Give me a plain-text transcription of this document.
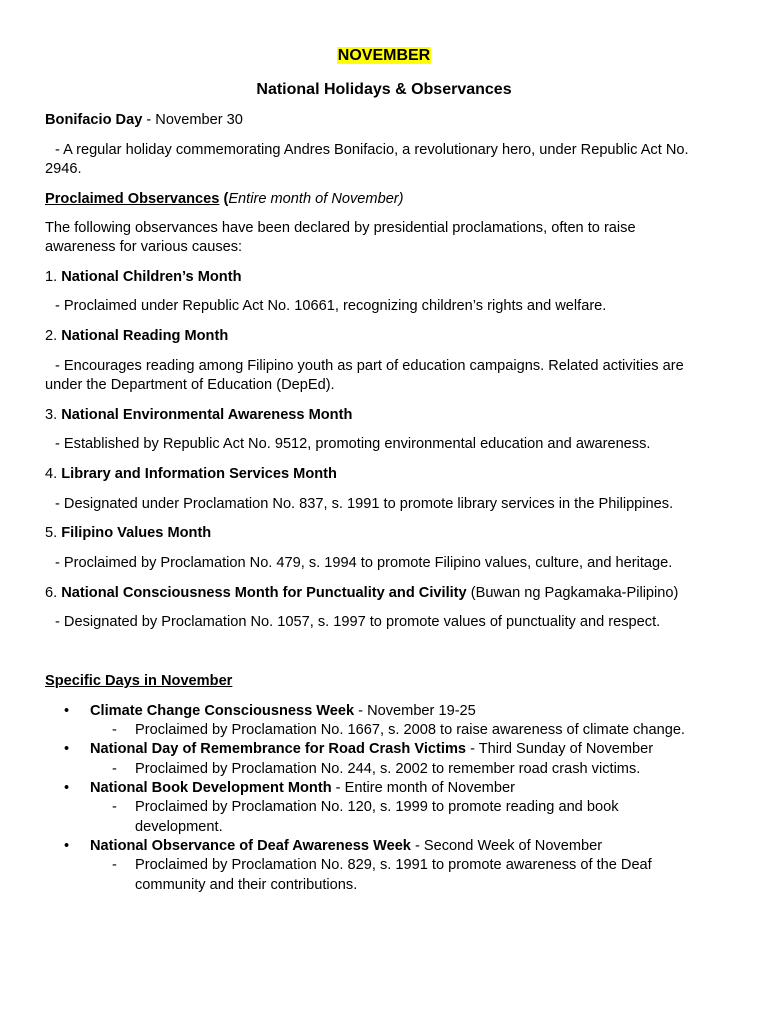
NOVEMBER
National Holidays & Observances
Bonifacio Day - November 30
- A regular holiday commemorating Andres Bonifacio, a revolutionary hero, under Republic Act No.
2946.
Proclaimed Observances (Entire month of November)
The following observances have been declared by presidential proclamations, often to raise
awareness for various causes:
1. National Children’s Month
- Proclaimed under Republic Act No. 10661, recognizing children’s rights and welfare.
2. National Reading Month
- Encourages reading among Filipino youth as part of education campaigns. Related activities are
under the Department of Education (DepEd).
3. National Environmental Awareness Month
- Established by Republic Act No. 9512, promoting environmental education and awareness.
4. Library and Information Services Month
- Designated under Proclamation No. 837, s. 1991 to promote library services in the Philippines.
5. Filipino Values Month
- Proclaimed by Proclamation No. 479, s. 1994 to promote Filipino values, culture, and heritage.
6. National Consciousness Month for Punctuality and Civility (Buwan ng Pagkamaka-Pilipino)
- Designated by Proclamation No. 1057, s. 1997 to promote values of punctuality and respect.
Specific Days in November
• Climate Change Consciousness Week - November 19-25
- Proclaimed by Proclamation No. 1667, s. 2008 to raise awareness of climate change.
• National Day of Remembrance for Road Crash Victims - Third Sunday of November
- Proclaimed by Proclamation No. 244, s. 2002 to remember road crash victims.
• National Book Development Month - Entire month of November
- Proclaimed by Proclamation No. 120, s. 1999 to promote reading and book
development.
• National Observance of Deaf Awareness Week - Second Week of November
- Proclaimed by Proclamation No. 829, s. 1991 to promote awareness of the Deaf
community and their contributions.
